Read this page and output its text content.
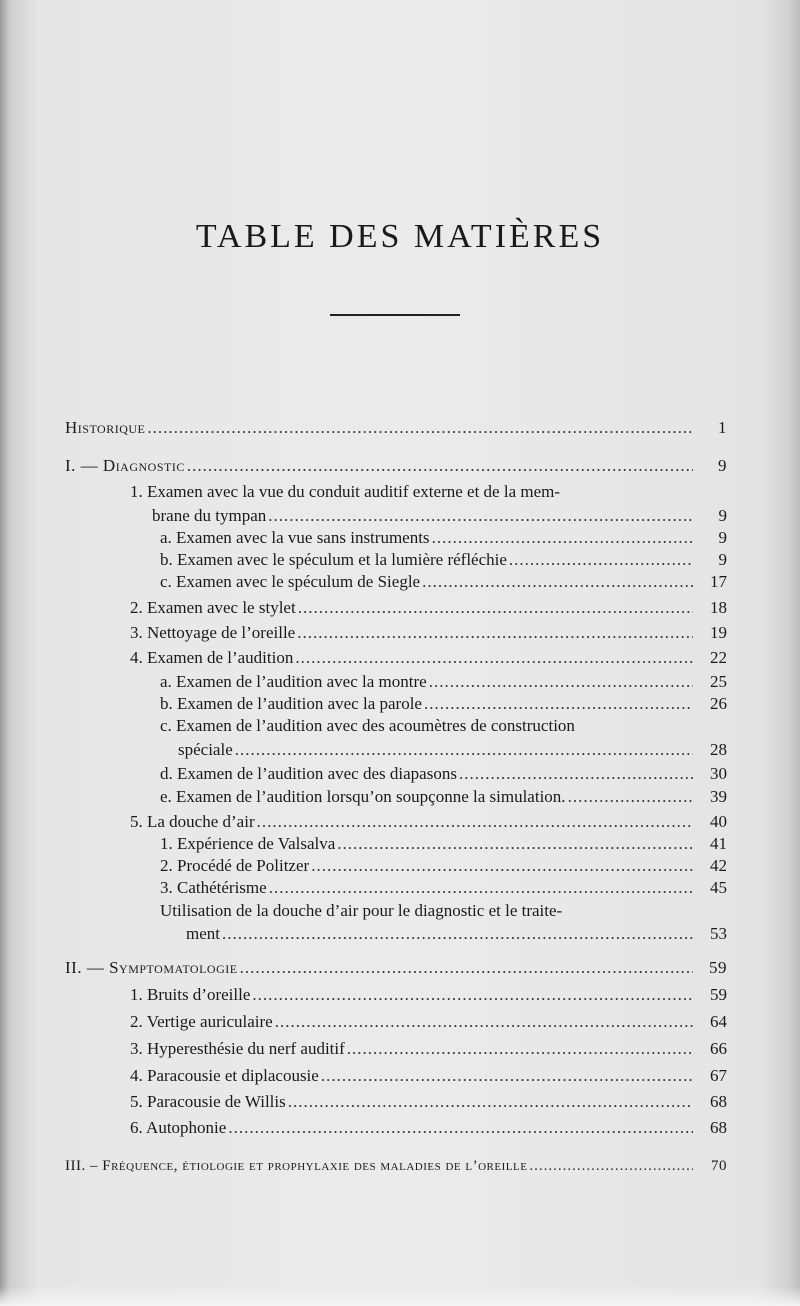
TABLE DES MATIÈRES
Historique .....	1
I. — Diagnostic .....	9
1. Examen avec la vue du conduit auditif externe et de la mem-
brane du tympan .....	9
a. Examen avec la vue sans instruments .....	9
b. Examen avec le spéculum et la lumière réfléchie .....	9
c. Examen avec le spéculum de Siegle .....	17
2. Examen avec le stylet .....	18
3. Nettoyage de l’oreille .....	19
4. Examen de l’audition .....	22
a. Examen de l’audition avec la montre .....	25
b. Examen de l’audition avec la parole .....	26
c. Examen de l’audition avec des acoumètres de construction
spéciale .....	28
d. Examen de l’audition avec des diapasons .....	30
e. Examen de l’audition lorsqu’on soupçonne la simulation. .....	39
5. La douche d’air .....	40
1. Expérience de Valsalva .....	41
2. Procédé de Politzer .....	42
3. Cathétérisme .....	45
Utilisation de la douche d’air pour le diagnostic et le traite-
ment .....	53
II. — Symptomatologie .....	59
1. Bruits d’oreille .....	59
2. Vertige auriculaire .....	64
3. Hyperesthésie du nerf auditif .....	66
4. Paracousie et diplacousie .....	67
5. Paracousie de Willis .....	68
6. Autophonie .....	68
III. – Fréquence, étiologie et prophylaxie des maladies de l’oreille .....	70
